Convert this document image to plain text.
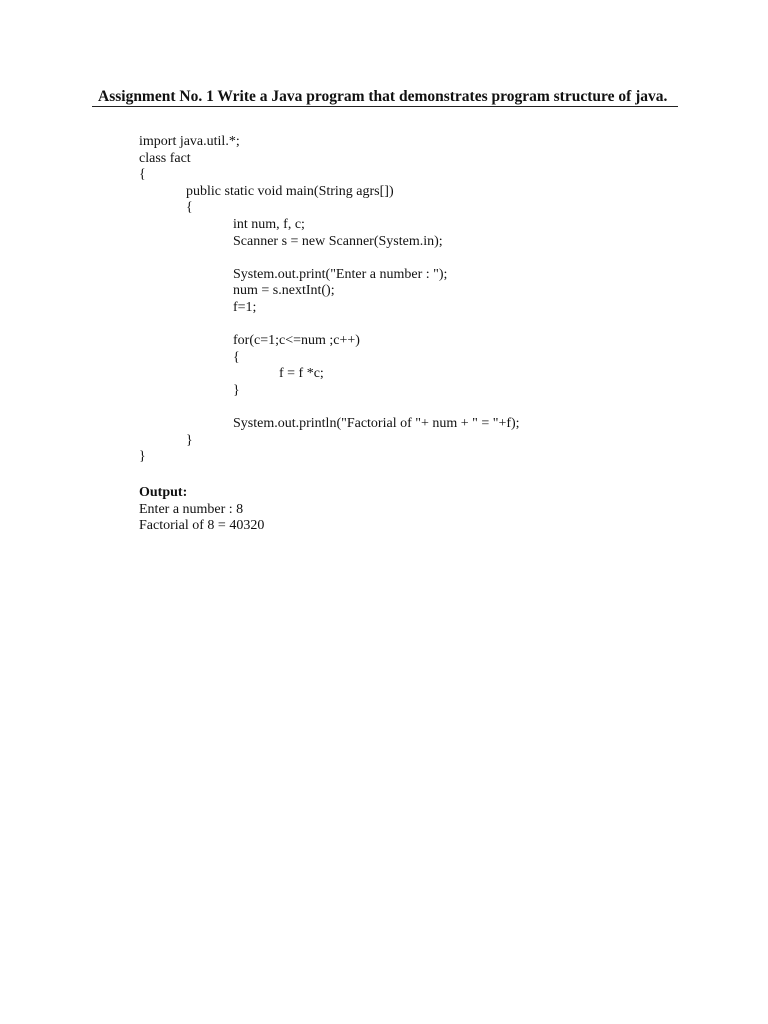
Assignment No. 1 Write a Java program that demonstrates program structure of java.
import java.util.*;
class fact
{
public static void main(String agrs[])
{
int num, f, c;
Scanner s = new Scanner(System.in);
System.out.print("Enter a number : ");
num = s.nextInt();
f=1;
for(c=1;c<=num ;c++)
{
f = f *c;
}
System.out.println("Factorial of "+ num + " = "+f);
}
}
Output:
Enter a number : 8
Factorial of 8 = 40320
